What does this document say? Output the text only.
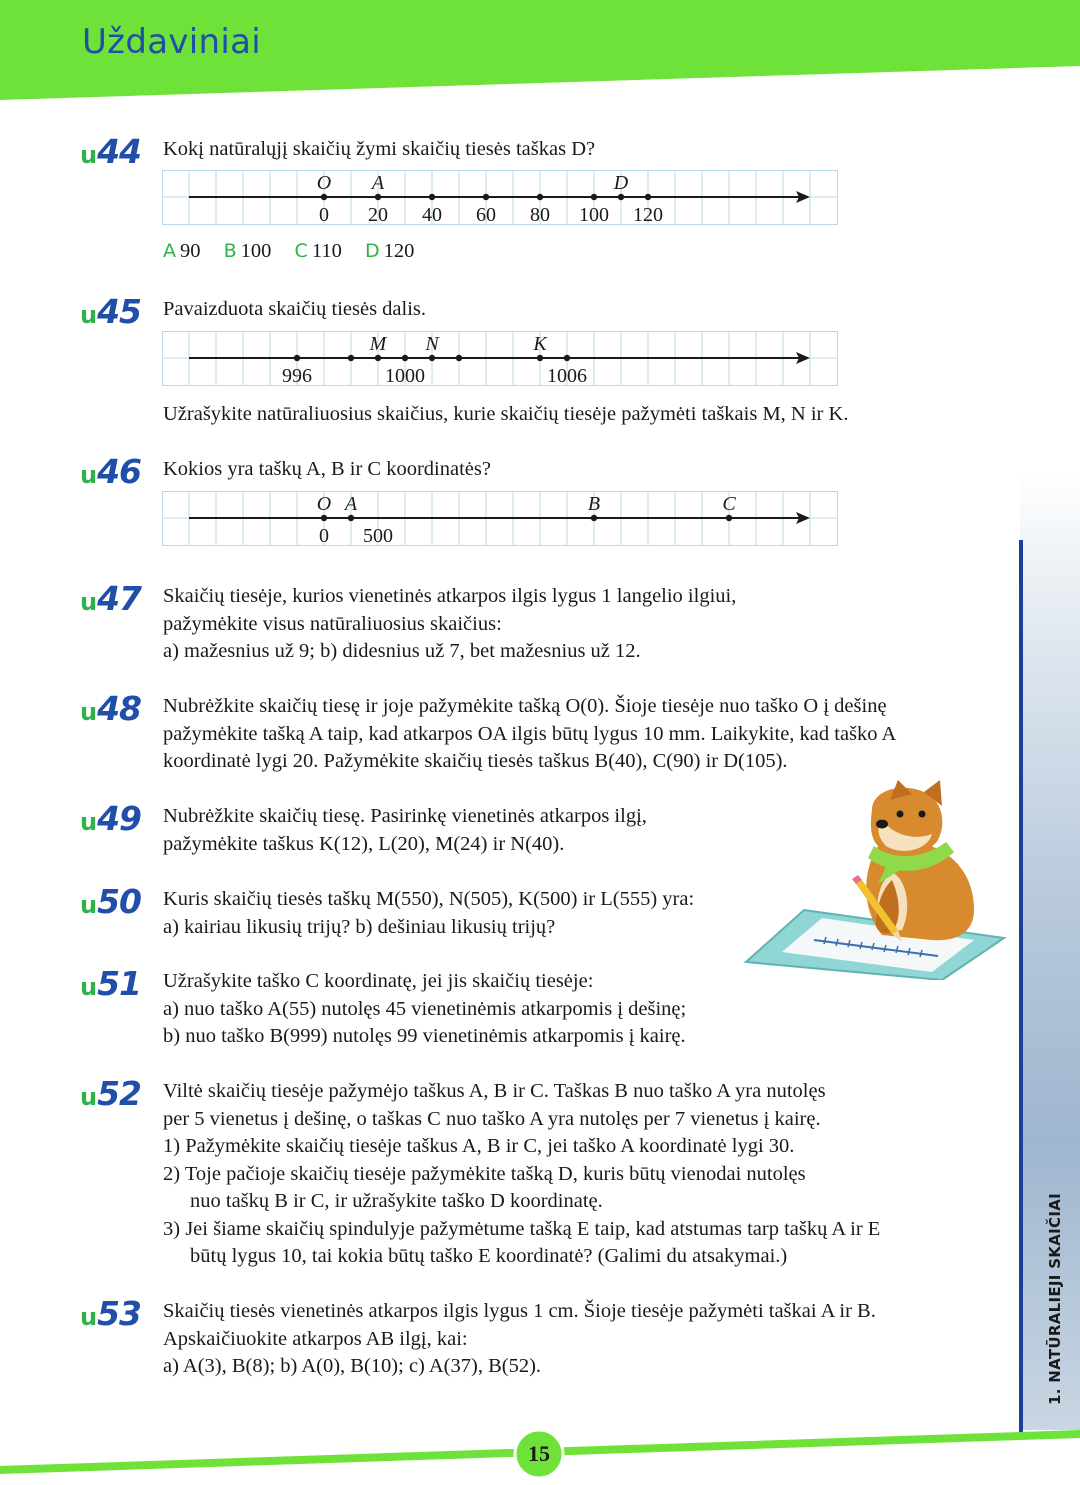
Uždaviniai
1. NATŪRALIEJI SKAIČIAI
u44 Kokį natūralųjį skaičių žymi skaičių tiesės taškas D?
O A	D
0 20 40 60 80 100 120
A 90 B 100 C 110 D 120
u45 Pavaizduota skaičių tiesės dalis.
M N	K
996	1000	1006
Užrašykite natūraliuosius skaičius, kurie skaičių tiesėje pažymėti taškais M, N ir K.
u46 Kokios yra taškų A, B ir C koordinatės?
O A	B	C
0 500
u47 Skaičių tiesėje, kurios vienetinės atkarpos ilgis lygus 1 langelio ilgiui,
pažymėkite visus natūraliuosius skaičius:
a) mažesnius už 9; b) didesnius už 7, bet mažesnius už 12.
u48 Nubrėžkite skaičių tiesę ir joje pažymėkite tašką O(0). Šioje tiesėje nuo taško O į dešinę
pažymėkite tašką A taip, kad atkarpos OA ilgis būtų lygus 10 mm. Laikykite, kad taško A
koordinatė lygi 20. Pažymėkite skaičių tiesės taškus B(40), C(90) ir D(105).
u49 Nubrėžkite skaičių tiesę. Pasirinkę vienetinės atkarpos ilgį,
pažymėkite taškus K(12), L(20), M(24) ir N(40).
u50 Kuris skaičių tiesės taškų M(550), N(505), K(500) ir L(555) yra:
a) kairiau likusių trijų? b) dešiniau likusių trijų?
u51 Užrašykite taško C koordinatę, jei jis skaičių tiesėje:
a) nuo taško A(55) nutolęs 45 vienetinėmis atkarpomis į dešinę;
b) nuo taško B(999) nutolęs 99 vienetinėmis atkarpomis į kairę.
u52 Viltė skaičių tiesėje pažymėjo taškus A, B ir C. Taškas B nuo taško A yra nutolęs
per 5 vienetus į dešinę, o taškas C nuo taško A yra nutolęs per 7 vienetus į kairę.
1) Pažymėkite skaičių tiesėje taškus A, B ir C, jei taško A koordinatė lygi 30.
2) Toje pačioje skaičių tiesėje pažymėkite tašką D, kuris būtų vienodai nutolęs
nuo taškų B ir C, ir užrašykite taško D koordinatę.
3) Jei šiame skaičių spindulyje pažymėtume tašką E taip, kad atstumas tarp taškų A ir E
būtų lygus 10, tai kokia būtų taško E koordinatė? (Galimi du atsakymai.)
u53 Skaičių tiesės vienetinės atkarpos ilgis lygus 1 cm. Šioje tiesėje pažymėti taškai A ir B.
Apskaičiuokite atkarpos AB ilgį, kai:
a) A(3), B(8); b) A(0), B(10); c) A(37), B(52).
15
